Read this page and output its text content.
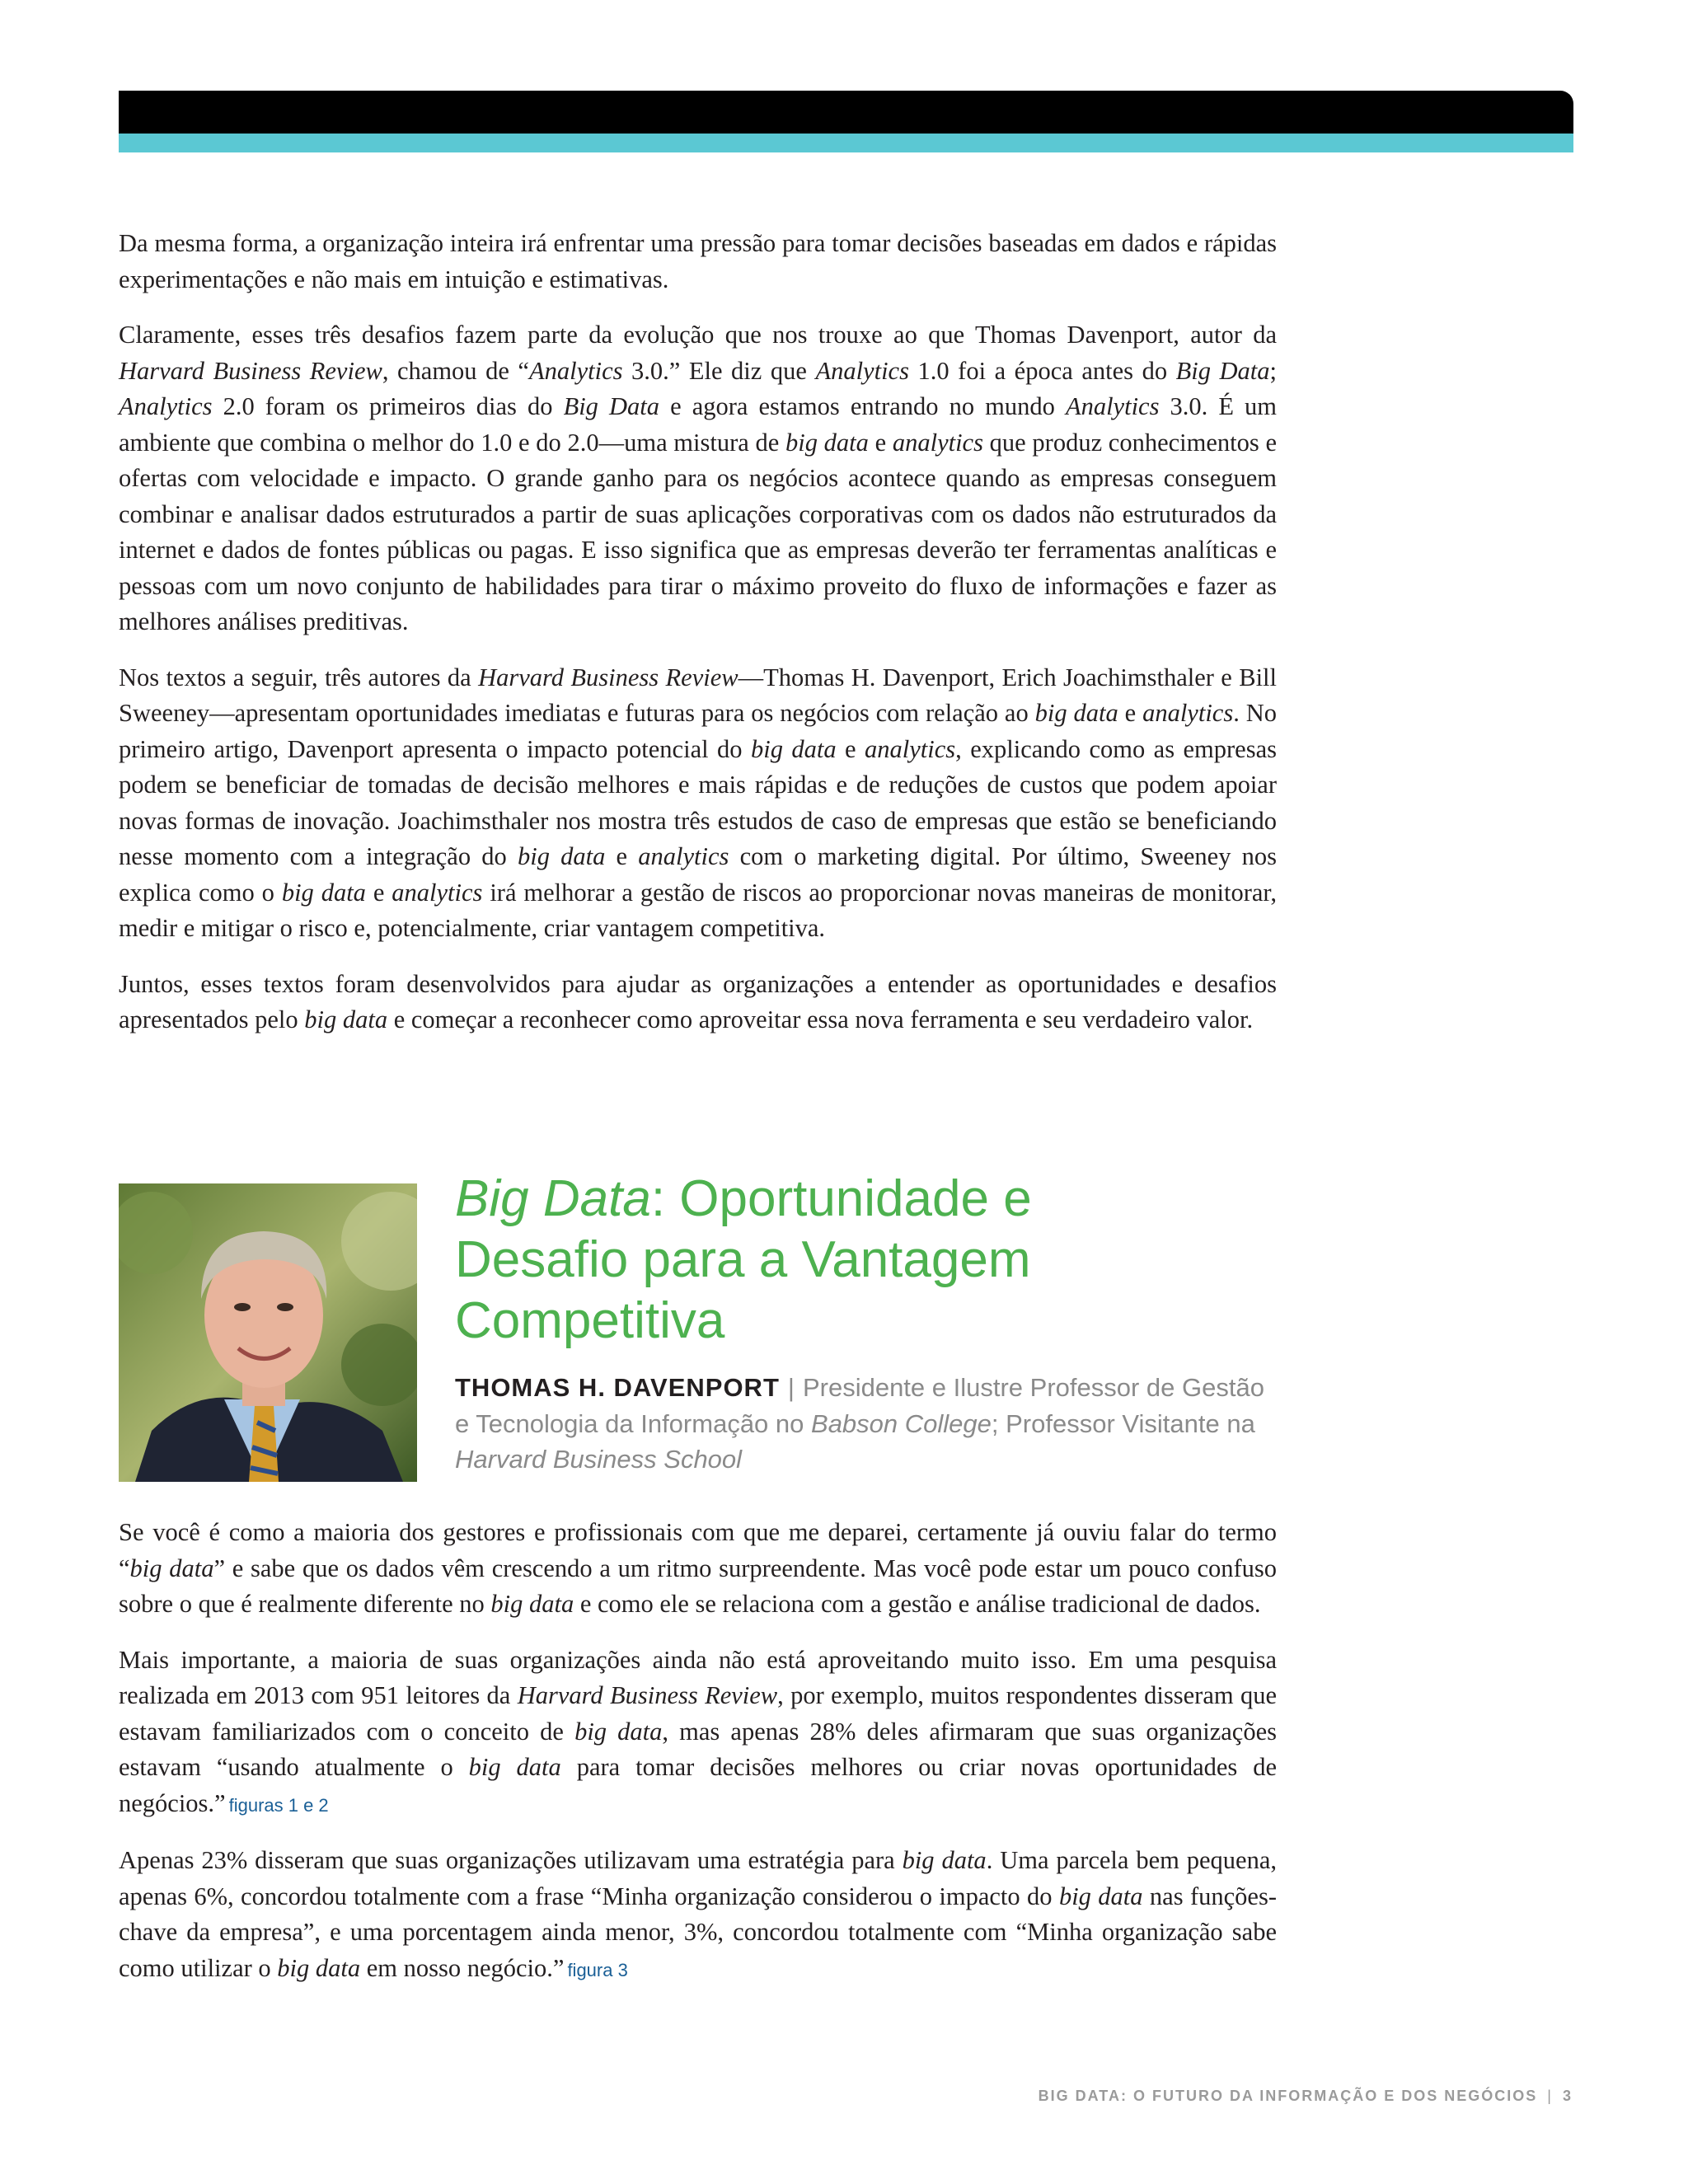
Da mesma forma, a organização inteira irá enfrentar uma pressão para tomar decisões baseadas em dados e rápidas experimentações e não mais em intuição e estimativas.

Claramente, esses três desafios fazem parte da evolução que nos trouxe ao que Thomas Davenport, autor da Harvard Business Review, chamou de “Analytics 3.0.” Ele diz que Analytics 1.0 foi a época antes do Big Data; Analytics 2.0 foram os primeiros dias do Big Data e agora estamos entrando no mundo Analytics 3.0. É um ambiente que combina o melhor do 1.0 e do 2.0—uma mistura de big data e analytics que produz conhecimentos e ofertas com velocidade e impacto. O grande ganho para os negócios acontece quando as empresas conseguem combinar e analisar dados estruturados a partir de suas aplicações corporativas com os dados não estruturados da internet e dados de fontes públicas ou pagas. E isso significa que as empresas deverão ter ferramentas analíticas e pessoas com um novo conjunto de habilidades para tirar o máximo proveito do fluxo de informações e fazer as melhores análises preditivas.

Nos textos a seguir, três autores da Harvard Business Review—Thomas H. Davenport, Erich Joachimsthaler e Bill Sweeney—apresentam oportunidades imediatas e futuras para os negócios com relação ao big data e analytics. No primeiro artigo, Davenport apresenta o impacto potencial do big data e analytics, explicando como as empresas podem se beneficiar de tomadas de decisão melhores e mais rápidas e de reduções de custos que podem apoiar novas formas de inovação. Joachimsthaler nos mostra três estudos de caso de empresas que estão se beneficiando nesse momento com a integração do big data e analytics com o marketing digital. Por último, Sweeney nos explica como o big data e analytics irá melhorar a gestão de riscos ao proporcionar novas maneiras de monitorar, medir e mitigar o risco e, potencialmente, criar vantagem competitiva.

Juntos, esses textos foram desenvolvidos para ajudar as organizações a entender as oportunidades e desafios apresentados pelo big data e começar a reconhecer como aproveitar essa nova ferramenta e seu verdadeiro valor.

Big Data: Oportunidade e Desafio para a Vantagem Competitiva
THOMAS H. DAVENPORT | Presidente e Ilustre Professor de Gestão e Tecnologia da Informação no Babson College; Professor Visitante na Harvard Business School

Se você é como a maioria dos gestores e profissionais com que me deparei, certamente já ouviu falar do termo “big data” e sabe que os dados vêm crescendo a um ritmo surpreendente. Mas você pode estar um pouco confuso sobre o que é realmente diferente no big data e como ele se relaciona com a gestão e análise tradicional de dados.

Mais importante, a maioria de suas organizações ainda não está aproveitando muito isso. Em uma pesquisa realizada em 2013 com 951 leitores da Harvard Business Review, por exemplo, muitos respondentes disseram que estavam familiarizados com o conceito de big data, mas apenas 28% deles afirmaram que suas organizações estavam “usando atualmente o big data para tomar decisões melhores ou criar novas oportunidades de negócios.” figuras 1 e 2

Apenas 23% disseram que suas organizações utilizavam uma estratégia para big data. Uma parcela bem pequena, apenas 6%, concordou totalmente com a frase “Minha organização considerou o impacto do big data nas funções-chave da empresa”, e uma porcentagem ainda menor, 3%, concordou totalmente com “Minha organização sabe como utilizar o big data em nosso negócio.” figura 3

BIG DATA: O FUTURO DA INFORMAÇÃO E DOS NEGÓCIOS | 3
